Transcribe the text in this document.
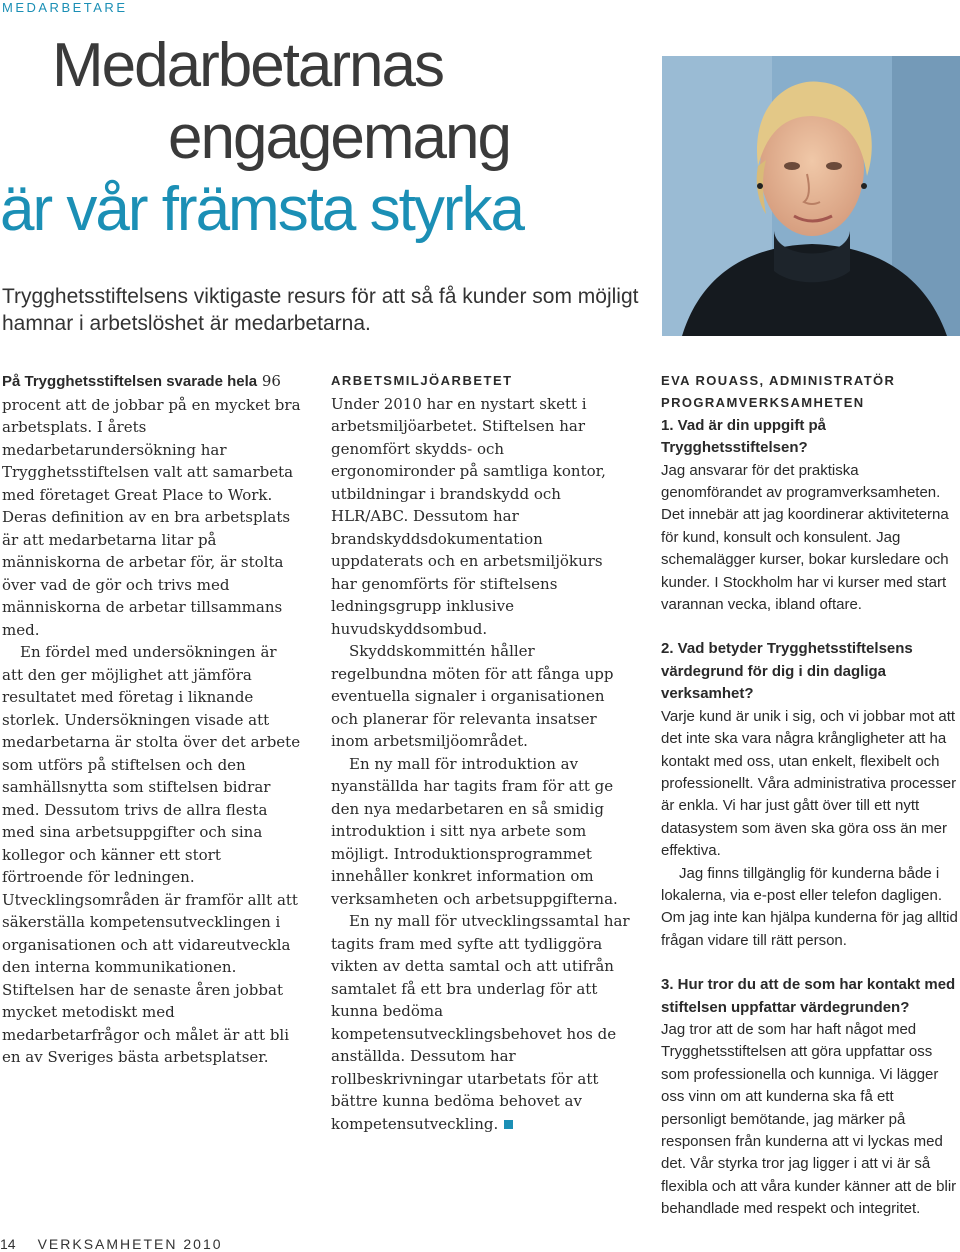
MEDARBETARE
Medarbetarnas
engagemang
är vår främsta styrka

Trygghetsstiftelsens viktigaste resurs för att så få kunder som möjligt hamnar i arbetslöshet är medarbetarna.

På Trygghetsstiftelsen svarade hela 96 procent att de jobbar på en mycket bra arbetsplats. I årets medarbetarundersökning har Trygghetsstiftelsen valt att samarbeta med företaget Great Place to Work. Deras definition av en bra arbetsplats är att medarbetarna litar på människorna de arbetar för, är stolta över vad de gör och trivs med människorna de arbetar tillsammans med.

En fördel med undersökningen är att den ger möjlighet att jämföra resultatet med företag i liknande storlek. Undersökningen visade att medarbetarna är stolta över det arbete som utförs på stiftelsen och den samhällsnytta som stiftelsen bidrar med. Dessutom trivs de allra flesta med sina arbetsuppgifter och sina kollegor och känner ett stort förtroende för ledningen. Utvecklingsområden är framför allt att säkerställa kompetensutvecklingen i organisationen och att vidareutveckla den interna kommunikationen. Stiftelsen har de senaste åren jobbat mycket metodiskt med medarbetarfrågor och målet är att bli en av Sveriges bästa arbetsplatser.

ARBETSMILJÖARBETET

Under 2010 har en nystart skett i arbetsmiljöarbetet. Stiftelsen har genomfört skydds- och ergonomironder på samtliga kontor, utbildningar i brandskydd och HLR/ABC. Dessutom har brandskyddsdokumentation uppdaterats och en arbetsmiljökurs har genomförts för stiftelsens ledningsgrupp inklusive huvudskyddsombud.

Skyddskommittén håller regelbundna möten för att fånga upp eventuella signaler i organisationen och planerar för relevanta insatser inom arbetsmiljöområdet.

En ny mall för introduktion av nyanställda har tagits fram för att ge den nya medarbetaren en så smidig introduktion i sitt nya arbete som möjligt. Introduktionsprogrammet innehåller konkret information om verksamheten och arbetsuppgifterna.

En ny mall för utvecklingssamtal har tagits fram med syfte att tydliggöra vikten av detta samtal och att utifrån samtalet få ett bra underlag för att kunna bedöma kompetensutvecklingsbehovet hos de anställda. Dessutom har rollbeskrivningar utarbetats för att bättre kunna bedöma behovet av kompetensutveckling.

EVA ROUASS, ADMINISTRATÖR
PROGRAMVERKSAMHETEN

1. Vad är din uppgift på Trygghetsstiftelsen?

Jag ansvarar för det praktiska genomförandet av programverksamheten. Det innebär att jag koordinerar aktiviteterna för kund, konsult och konsulent. Jag schemalägger kurser, bokar kursledare och kunder. I Stockholm har vi kurser med start varannan vecka, ibland oftare.

2. Vad betyder Trygghetsstiftelsens värdegrund för dig i din dagliga verksamhet?

Varje kund är unik i sig, och vi jobbar mot att det inte ska vara några krångligheter att ha kontakt med oss, utan enkelt, flexibelt och professionellt. Våra administrativa processer är enkla. Vi har just gått över till ett nytt datasystem som även ska göra oss än mer effektiva.

Jag finns tillgänglig för kunderna både i lokalerna, via e-post eller telefon dagligen. Om jag inte kan hjälpa kunderna för jag alltid frågan vidare till rätt person.

3. Hur tror du att de som har kontakt med stiftelsen uppfattar värdegrunden?

Jag tror att de som har haft något med Trygghetsstiftelsen att göra uppfattar oss som professionella och kunniga. Vi lägger oss vinn om att kunderna ska få ett personligt bemötande, jag märker på responsen från kunderna att vi lyckas med det. Vår styrka tror jag ligger i att vi är så flexibla och att våra kunder känner att de blir behandlade med respekt och integritet.

14 VERKSAMHETEN 2010
